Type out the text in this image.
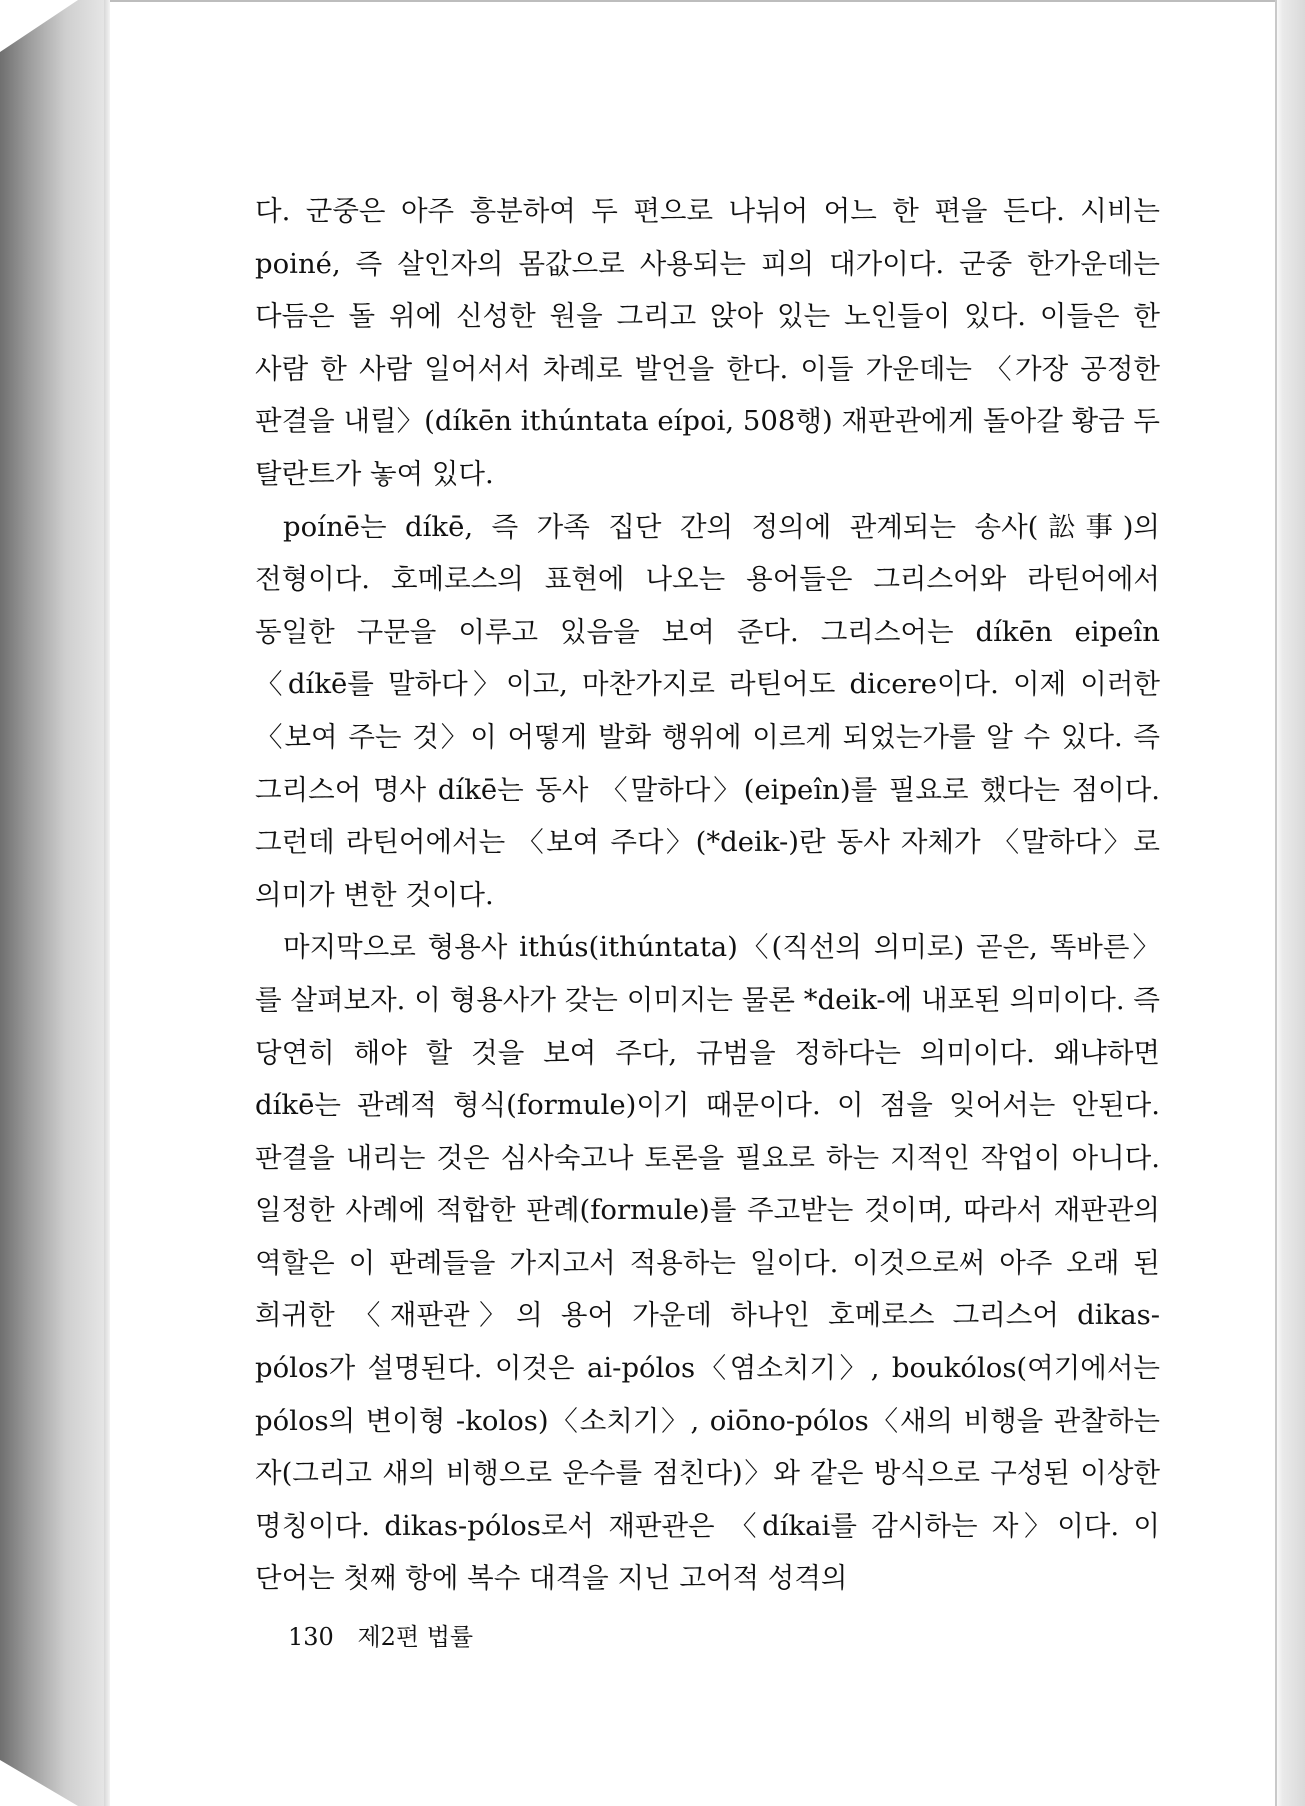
다. 군중은 아주 흥분하여 두 편으로 나뉘어 어느 한 편을 든다. 시비는 poiné, 즉 살인자의 몸값으로 사용되는 피의 대가이다. 군중 한가운데는 다듬은 돌 위에 신성한 원을 그리고 앉아 있는 노인들이 있다. 이들은 한 사람 한 사람 일어서서 차례로 발언을 한다. 이들 가운데는 〈가장 공정한 판결을 내릴〉(díkēn ithúntata eípoi, 508행) 재판관에게 돌아갈 황금 두 탈란트가 놓여 있다.

poínē는 díkē, 즉 가족 집단 간의 정의에 관계되는 송사(訟事)의 전형이다. 호메로스의 표현에 나오는 용어들은 그리스어와 라틴어에서 동일한 구문을 이루고 있음을 보여 준다. 그리스어는 díkēn eipeîn〈díkē를 말하다〉이고, 마찬가지로 라틴어도 dicere이다. 이제 이러한 〈보여 주는 것〉이 어떻게 발화 행위에 이르게 되었는가를 알 수 있다. 즉 그리스어 명사 díkē는 동사 〈말하다〉(eipeîn)를 필요로 했다는 점이다. 그런데 라틴어에서는 〈보여 주다〉(*deik-)란 동사 자체가 〈말하다〉로 의미가 변한 것이다.

마지막으로 형용사 ithús(ithúntata)〈(직선의 의미로) 곧은, 똑바른〉를 살펴보자. 이 형용사가 갖는 이미지는 물론 *deik-에 내포된 의미이다. 즉 당연히 해야 할 것을 보여 주다, 규범을 정하다는 의미이다. 왜냐하면 díkē는 관례적 형식(formule)이기 때문이다. 이 점을 잊어서는 안된다. 판결을 내리는 것은 심사숙고나 토론을 필요로 하는 지적인 작업이 아니다. 일정한 사례에 적합한 판례(formule)를 주고받는 것이며, 따라서 재판관의 역할은 이 판례들을 가지고서 적용하는 일이다. 이것으로써 아주 오래 된 희귀한 〈재판관〉의 용어 가운데 하나인 호메로스 그리스어 dikas-pólos가 설명된다. 이것은 ai-pólos〈염소치기〉, boukólos(여기에서는 pólos의 변이형 -kolos)〈소치기〉, oiōno-pólos〈새의 비행을 관찰하는 자(그리고 새의 비행으로 운수를 점친다)〉와 같은 방식으로 구성된 이상한 명칭이다. dikas-pólos로서 재판관은 〈díkai를 감시하는 자〉이다. 이 단어는 첫째 항에 복수 대격을 지닌 고어적 성격의

130 제2편 법률
